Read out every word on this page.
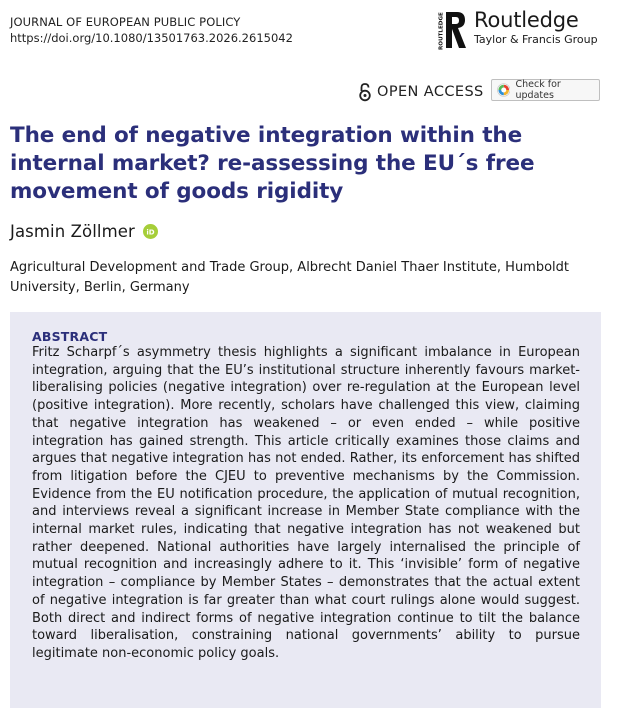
JOURNAL OF EUROPEAN PUBLIC POLICY
https://doi.org/10.1080/13501763.2026.2615042	ROUTLEDGE Routledge
Taylor & Francis Group
OPEN ACCESS	Check for updates
The end of negative integration within the internal market? re-assessing the EU´s free movement of goods rigidity
Jasmin Zöllmer iD
Agricultural Development and Trade Group, Albrecht Daniel Thaer Institute, Humboldt University, Berlin, Germany
ABSTRACT

Fritz Scharpf´s asymmetry thesis highlights a significant imbalance in European integration, arguing that the EU’s institutional structure inherently favours market-liberalising policies (negative integration) over re-regulation at the European level (positive integration). More recently, scholars have challenged this view, claiming that negative integration has weakened – or even ended – while positive integration has gained strength. This article critically examines those claims and argues that negative integration has not ended. Rather, its enforcement has shifted from litigation before the CJEU to preventive mechanisms by the Commission. Evidence from the EU notification procedure, the application of mutual recognition, and interviews reveal a significant increase in Member State compliance with the internal market rules, indicating that negative integration has not weakened but rather deepened. National authorities have largely internalised the principle of mutual recognition and increasingly adhere to it. This ‘invisible’ form of negative integration – compliance by Member States – demonstrates that the actual extent of negative integration is far greater than what court rulings alone would suggest. Both direct and indirect forms of negative integration continue to tilt the balance toward liberalisation, constraining national governments’ ability to pursue legitimate non-economic policy goals.
